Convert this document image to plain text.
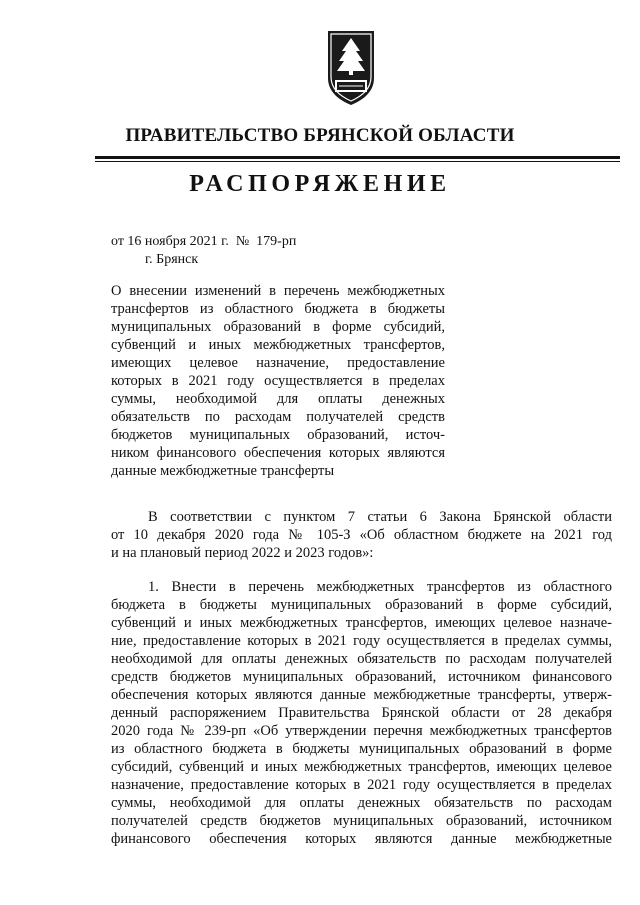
ПРАВИТЕЛЬСТВО БРЯНСКОЙ ОБЛАСТИ
РАСПОРЯЖЕНИЕ
от 16 ноября 2021 г.  №  179-рп
г. Брянск
О внесении изменений в перечень межбюджетных
трансфертов из областного бюджета в бюджеты
муниципальных образований в форме субсидий,
субвенций и иных межбюджетных трансфертов,
имеющих целевое назначение, предоставление
которых в 2021 году осуществляется в пределах
суммы, необходимой для оплаты денежных
обязательств по расходам получателей средств
бюджетов муниципальных образований, источ-
ником финансового обеспечения которых являются
данные межбюджетные трансферты
В соответствии с пунктом 7 статьи 6 Закона Брянской области
от 10 декабря 2020 года № 105-З «Об областном бюджете на 2021 год
и на плановый период 2022 и 2023 годов»:
1. Внести в перечень межбюджетных трансфертов из областного
бюджета в бюджеты муниципальных образований в форме субсидий,
субвенций и иных межбюджетных трансфертов, имеющих целевое назначе-
ние, предоставление которых в 2021 году осуществляется в пределах суммы,
необходимой для оплаты денежных обязательств по расходам получателей
средств бюджетов муниципальных образований, источником финансового
обеспечения которых являются данные межбюджетные трансферты, утверж-
денный распоряжением Правительства Брянской области от 28 декабря
2020 года № 239-рп «Об утверждении перечня межбюджетных трансфертов
из областного бюджета в бюджеты муниципальных образований в форме
субсидий, субвенций и иных межбюджетных трансфертов, имеющих целевое
назначение, предоставление которых в 2021 году осуществляется в пределах
суммы, необходимой для оплаты денежных обязательств по расходам
получателей средств бюджетов муниципальных образований, источником
финансового обеспечения которых являются данные межбюджетные
